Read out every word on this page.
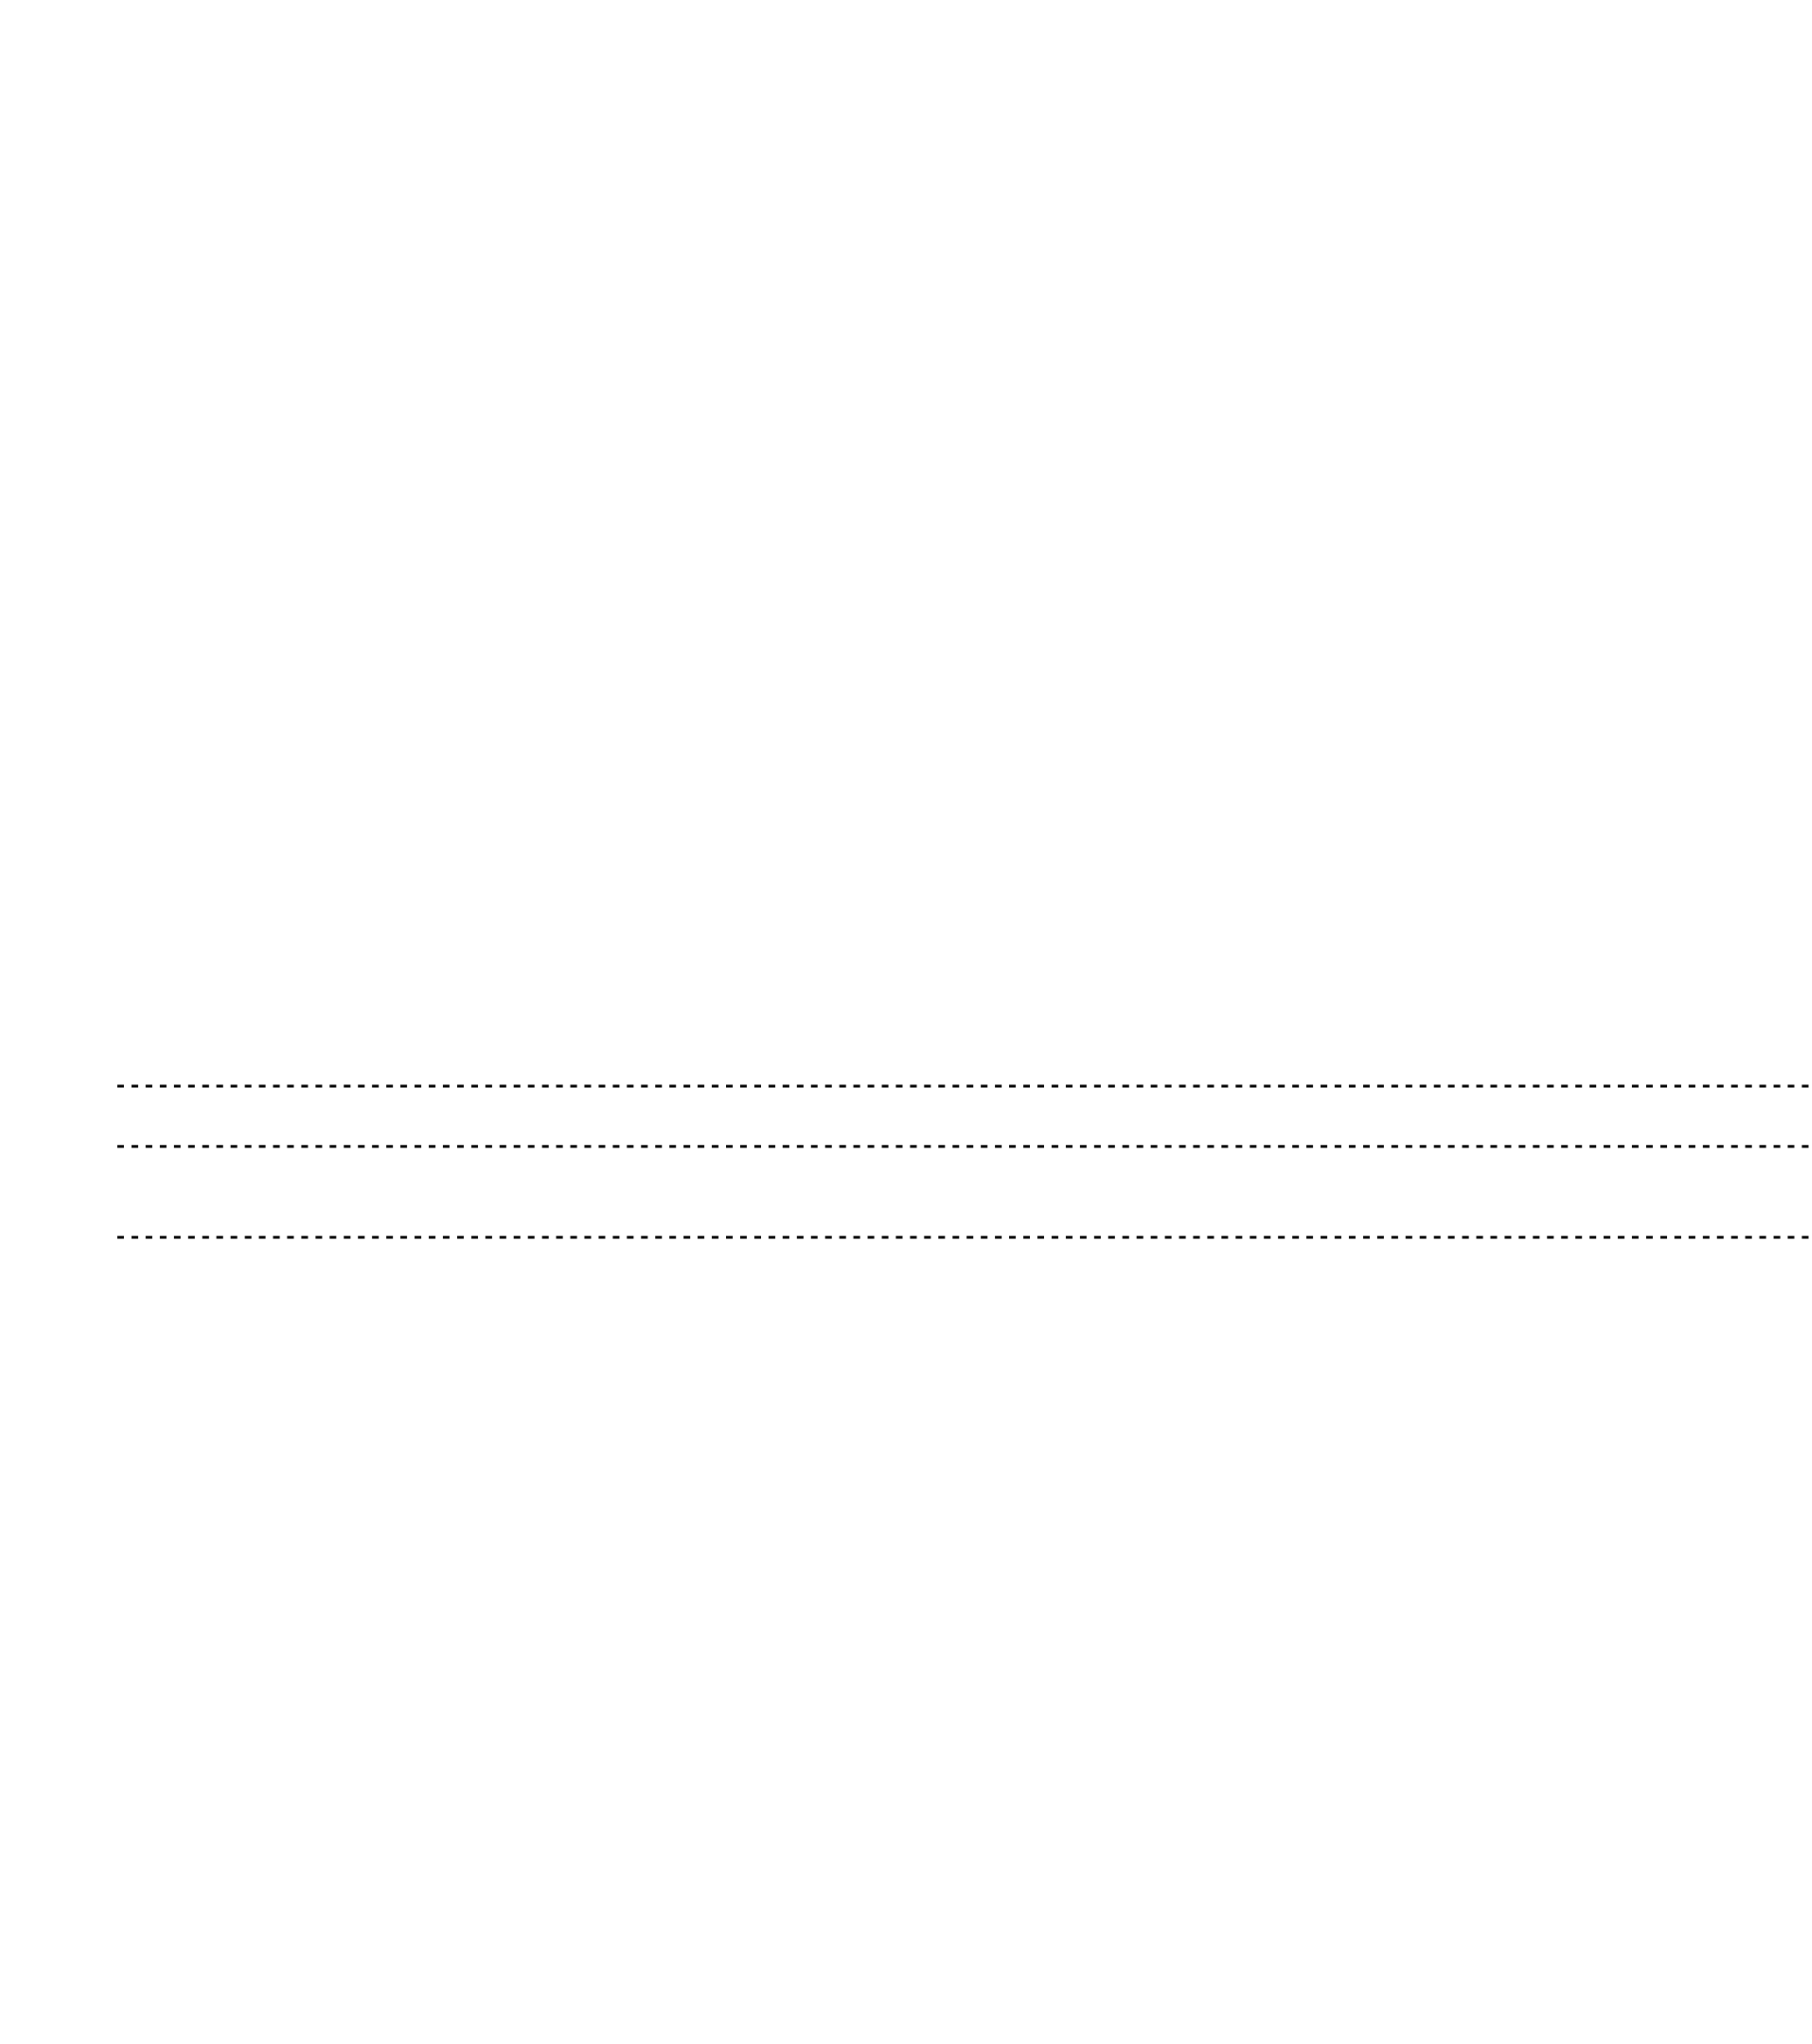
------------------------------------------------------------------------------------------------------------------------
------------------------------------------------------------------------------------------------------------------------
------------------------------------------------------------------------------------------------------------------------
